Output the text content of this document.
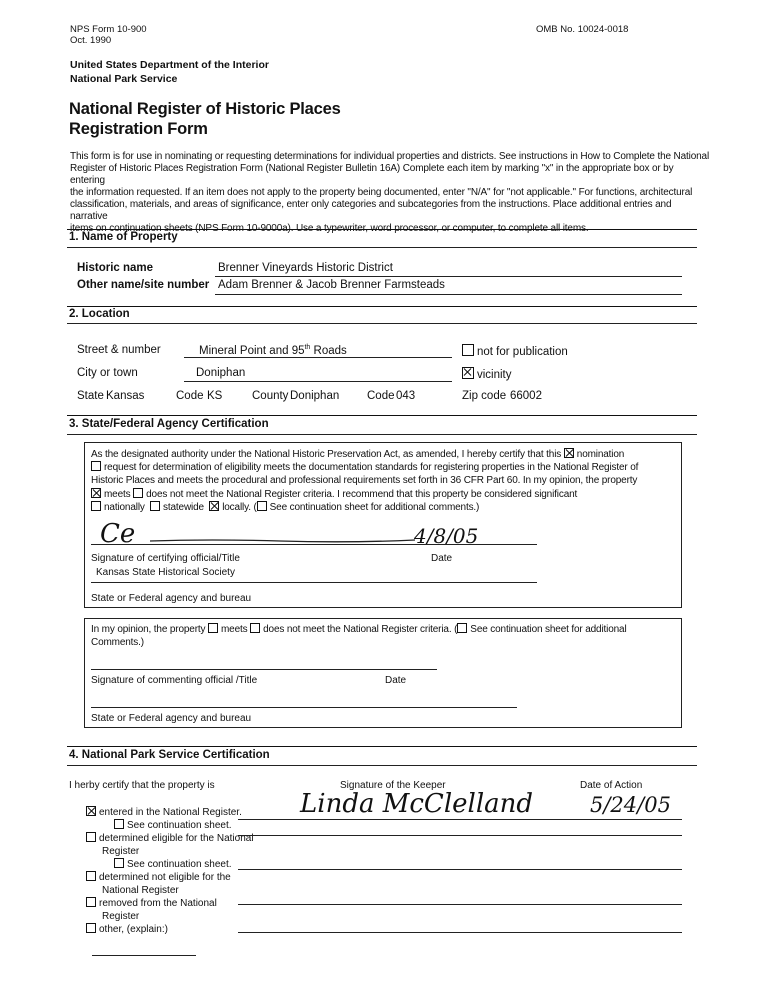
NPS Form 10-900
Oct. 1990
OMB No. 10024-0018
United States Department of the Interior
National Park Service
National Register of Historic Places
Registration Form
This form is for use in nominating or requesting determinations for individual properties and districts. See instructions in How to Complete the National
Register of Historic Places Registration Form (National Register Bulletin 16A) Complete each item by marking "x" in the appropriate box or by entering
the information requested. If an item does not apply to the property being documented, enter "N/A" for "not applicable." For functions, architectural
classification, materials, and areas of significance, enter only categories and subcategories from the instructions. Place additional entries and narrative
items on continuation sheets (NPS Form 10-9000a). Use a typewriter, word processor, or computer, to complete all items.
1. Name of Property
Historic name	Brenner Vineyards Historic District
Other name/site number Adam Brenner & Jacob Brenner Farmsteads
2. Location
Street & number	Mineral Point and 95th Roads	not for publication
City or town	Doniphan	vicinity
State Kansas	Code KS	County Doniphan Code 043	Zip code 66002
3. State/Federal Agency Certification
As the designated authority under the National Historic Preservation Act, as amended, I hereby certify that this nomination
request for determination of eligibility meets the documentation standards for registering properties in the National Register of
Historic Places and meets the procedural and professional requirements set forth in 36 CFR Part 60. In my opinion, the property
meets does not meet the National Register criteria. I recommend that this property be considered significant
nationally statewide locally. ( See continuation sheet for additional comments.)
Ce	4/8/05
Signature of certifying official/Title	Date
Kansas State Historical Society
State or Federal agency and bureau
In my opinion, the property meets does not meet the National Register criteria. ( See continuation sheet for additional
Comments.)
Signature of commenting official /Title	Date
State or Federal agency and bureau
4. National Park Service Certification
I herby certify that the property is	Signature of the Keeper	Date of Action
Linda McClelland	5/24/05
entered in the National Register.
See continuation sheet.
determined eligible for the National
Register
See continuation sheet.
determined not eligible for the
National Register
removed from the National
Register
other, (explain:)
